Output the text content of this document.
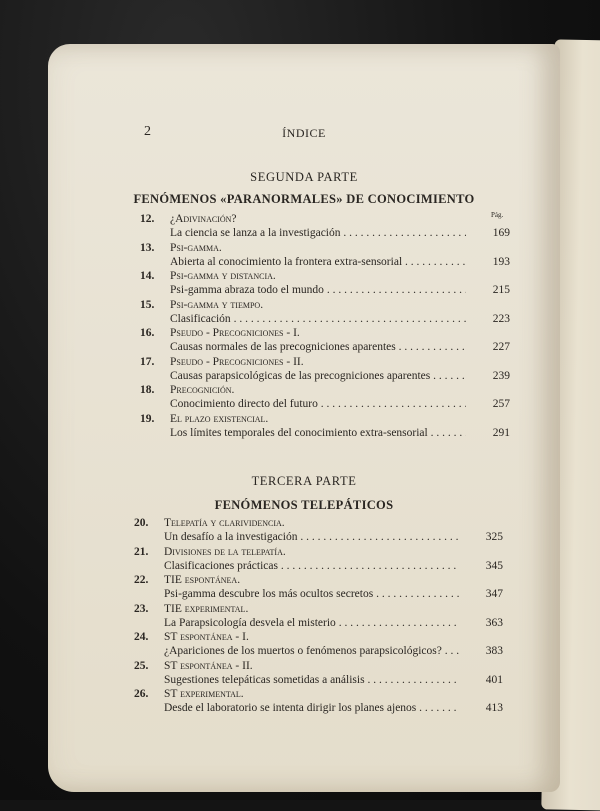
2	ÍNDICE
SEGUNDA PARTE
FENÓMENOS «PARANORMALES» DE CONOCIMIENTO
Pág.
12. ¿Adivinación?
La ciencia se lanza a la investigación . . .	169
13. Psi-gamma.
Abierta al conocimiento la frontera extra-sensorial . . .	193
14. Psi-gamma y distancia.
Psi-gamma abraza todo el mundo . . .	215
15. Psi-gamma y tiempo.
Clasificación . . .	223
16. Pseudo - Precogniciones - I.
Causas normales de las precogniciones aparentes . . .	227
17. Pseudo - Precogniciones - II.
Causas parapsicológicas de las precogniciones aparentes . . .	239
18. Precognición.
Conocimiento directo del futuro . . .	257
19. El plazo existencial.
Los límites temporales del conocimiento extra-sensorial . . .	291
TERCERA PARTE
FENÓMENOS TELEPÁTICOS
20. Telepatía y clarividencia.
Un desafío a la investigación . . .	325
21. Divisiones de la telepatía.
Clasificaciones prácticas . . .	345
22. TIE espontánea.
Psi-gamma descubre los más ocultos secretos . . .	347
23. TIE experimental.
La Parapsicología desvela el misterio . . .	363
24. ST espontánea - I.
¿Apariciones de los muertos o fenómenos parapsicológicos? . . .	383
25. ST espontánea - II.
Sugestiones telepáticas sometidas a análisis . . .	401
26. ST experimental.
Desde el laboratorio se intenta dirigir los planes ajenos . . .	413
